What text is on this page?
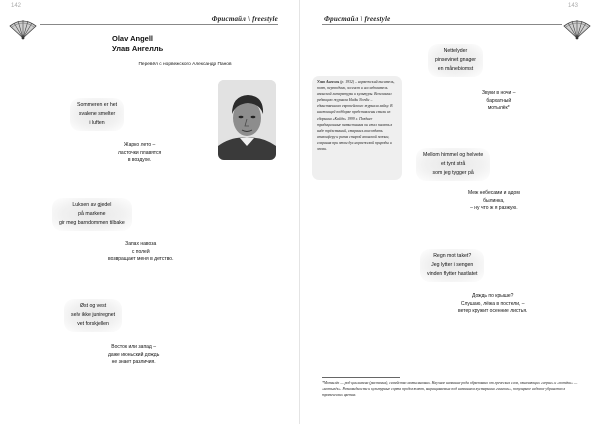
142
Фристайл \ freestyle
Olav Angell
Улав Ангелль
Перевёл с норвежского Александр Панов
Sommeren er het
svalene smelter
i luften
Жарко лето –
ласточки плавятся
в воздухе.
Luksen av gjedel
på markene
gir meg barndommen tilbake
Запах навоза
с полей
возвращает меня в детство.
Øst og vest
selv ikke juniregnet
vet forskjellen
Восток или запад –
даже июньский дождь
не знает различия.
143
Фристайл \ freestyle
Улав Ангелль (р. 1932) – норвежский писатель, поэт, переводчик, эссеист и исследователь японской литературы и культуры. Возглавлял редакцию журнала Haiku Nordic – единственного европейского журнала хайку. В настоящей подборке представлены стихи из сборника «Кайдэ» 1999 г. Позднее традиционные пятистишия он стал писать в виде трёхстиший, стараясь воссоздать атмосферу и ритм старой японской поэзии, сохранив при этом дух норвежской природы и эпохи.
Nettelyder
pinsevinet gnager
en månebiomst
Звуки в ночи –
бархатный
мотылёк*
Mellom himmel og helvete
et tynt strå
som jeg tygger på
Меж небесами и адом
былинка,
– ну что ж я разжую.
Regn mot taket?
Jeg lytter i sengen
vinden flytter hastlatet
Дождь по крыше?
Слушаю, лёжа в постели, –
ветер кружит осенние листья.
*Мотылёк — род цикламена (растения), семейство мотыльковых. Научное название рода образовано от греческих слов, означающих «черви» и «потёки» — «мотылёк». Разновидности и культурные сорта продолжают, выращиваемых под названием кустарника «чинюсь», популярное садовое убранство в тропических цветах.
